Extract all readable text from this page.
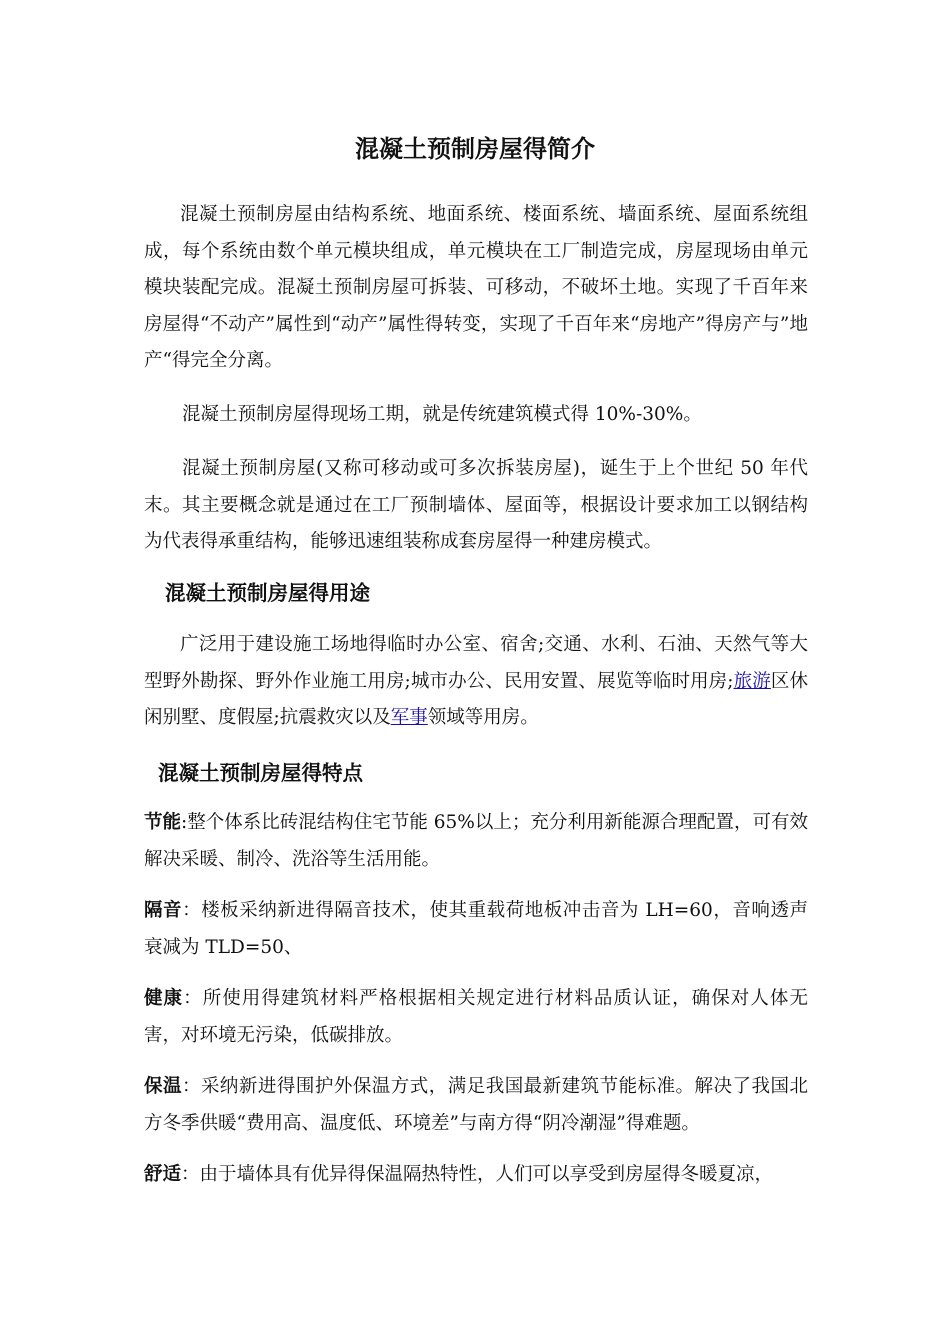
混凝土预制房屋得简介

混凝土预制房屋由结构系统、地面系统、楼面系统、墙面系统、屋面系统组成，每个系统由数个单元模块组成，单元模块在工厂制造完成，房屋现场由单元模块装配完成。混凝土预制房屋可拆装、可移动，不破坏土地。实现了千百年来房屋得“不动产”属性到“动产”属性得转变，实现了千百年来“房地产”得房产与”地产“得完全分离。

混凝土预制房屋得现场工期，就是传统建筑模式得 10%-30%。

混凝土预制房屋(又称可移动或可多次拆装房屋)，诞生于上个世纪 50 年代末。其主要概念就是通过在工厂预制墙体、屋面等，根据设计要求加工以钢结构为代表得承重结构，能够迅速组装称成套房屋得一种建房模式。

混凝土预制房屋得用途

广泛用于建设施工场地得临时办公室、宿舍;交通、水利、石油、天然气等大型野外勘探、野外作业施工用房;城市办公、民用安置、展览等临时用房;旅游区休闲别墅、度假屋;抗震救灾以及军事领域等用房。

混凝土预制房屋得特点

节能:整个体系比砖混结构住宅节能 65%以上；充分利用新能源合理配置，可有效解决采暖、制冷、洗浴等生活用能。

隔音：楼板采纳新进得隔音技术，使其重载荷地板冲击音为 LH=60，音响透声衰减为 TLD=50、

健康：所使用得建筑材料严格根据相关规定进行材料品质认证，确保对人体无害，对环境无污染，低碳排放。

保温：采纳新进得围护外保温方式，满足我国最新建筑节能标准。解决了我国北方冬季供暖“费用高、温度低、环境差”与南方得“阴冷潮湿”得难题。

舒适：由于墙体具有优异得保温隔热特性，人们可以享受到房屋得冬暖夏凉，
